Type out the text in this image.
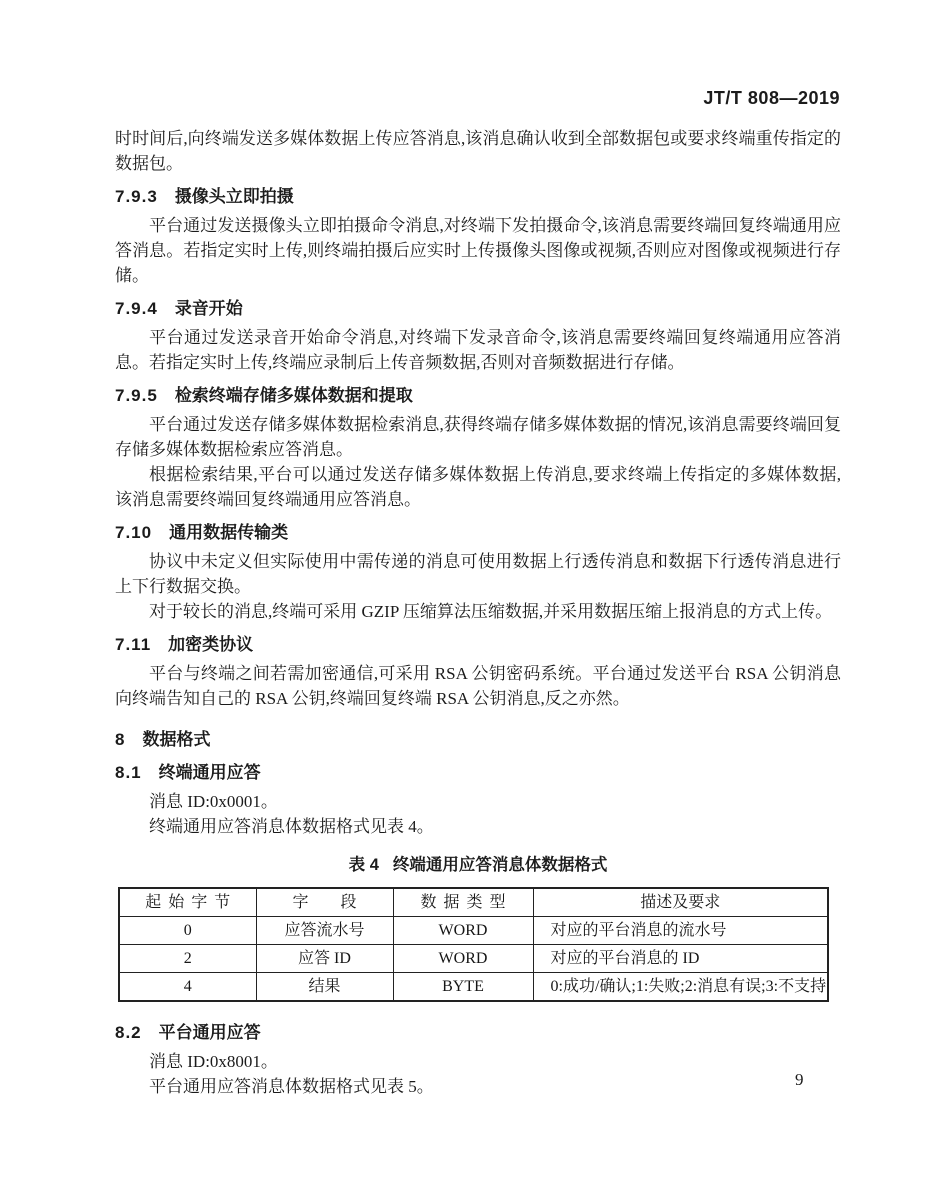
JT/T 808—2019

时时间后,向终端发送多媒体数据上传应答消息,该消息确认收到全部数据包或要求终端重传指定的数据包。

7.9.3 摄像头立即拍摄

平台通过发送摄像头立即拍摄命令消息,对终端下发拍摄命令,该消息需要终端回复终端通用应答消息。若指定实时上传,则终端拍摄后应实时上传摄像头图像或视频,否则应对图像或视频进行存储。

7.9.4 录音开始

平台通过发送录音开始命令消息,对终端下发录音命令,该消息需要终端回复终端通用应答消息。若指定实时上传,终端应录制后上传音频数据,否则对音频数据进行存储。

7.9.5 检索终端存储多媒体数据和提取

平台通过发送存储多媒体数据检索消息,获得终端存储多媒体数据的情况,该消息需要终端回复存储多媒体数据检索应答消息。

根据检索结果,平台可以通过发送存储多媒体数据上传消息,要求终端上传指定的多媒体数据,该消息需要终端回复终端通用应答消息。

7.10 通用数据传输类

协议中未定义但实际使用中需传递的消息可使用数据上行透传消息和数据下行透传消息进行上下行数据交换。

对于较长的消息,终端可采用 GZIP 压缩算法压缩数据,并采用数据压缩上报消息的方式上传。

7.11 加密类协议

平台与终端之间若需加密通信,可采用 RSA 公钥密码系统。平台通过发送平台 RSA 公钥消息向终端告知自己的 RSA 公钥,终端回复终端 RSA 公钥消息,反之亦然。

8 数据格式
8.1 终端通用应答

消息 ID:0x0001。

终端通用应答消息体数据格式见表 4。

表 4 终端通用应答消息体数据格式
起 始 字 节	字　　段	数 据 类 型	描述及要求
0	应答流水号	WORD	对应的平台消息的流水号
2	应答 ID	WORD	对应的平台消息的 ID
4	结果	BYTE	0:成功/确认;1:失败;2:消息有误;3:不支持
8.2 平台通用应答

消息 ID:0x8001。

平台通用应答消息体数据格式见表 5。	9
